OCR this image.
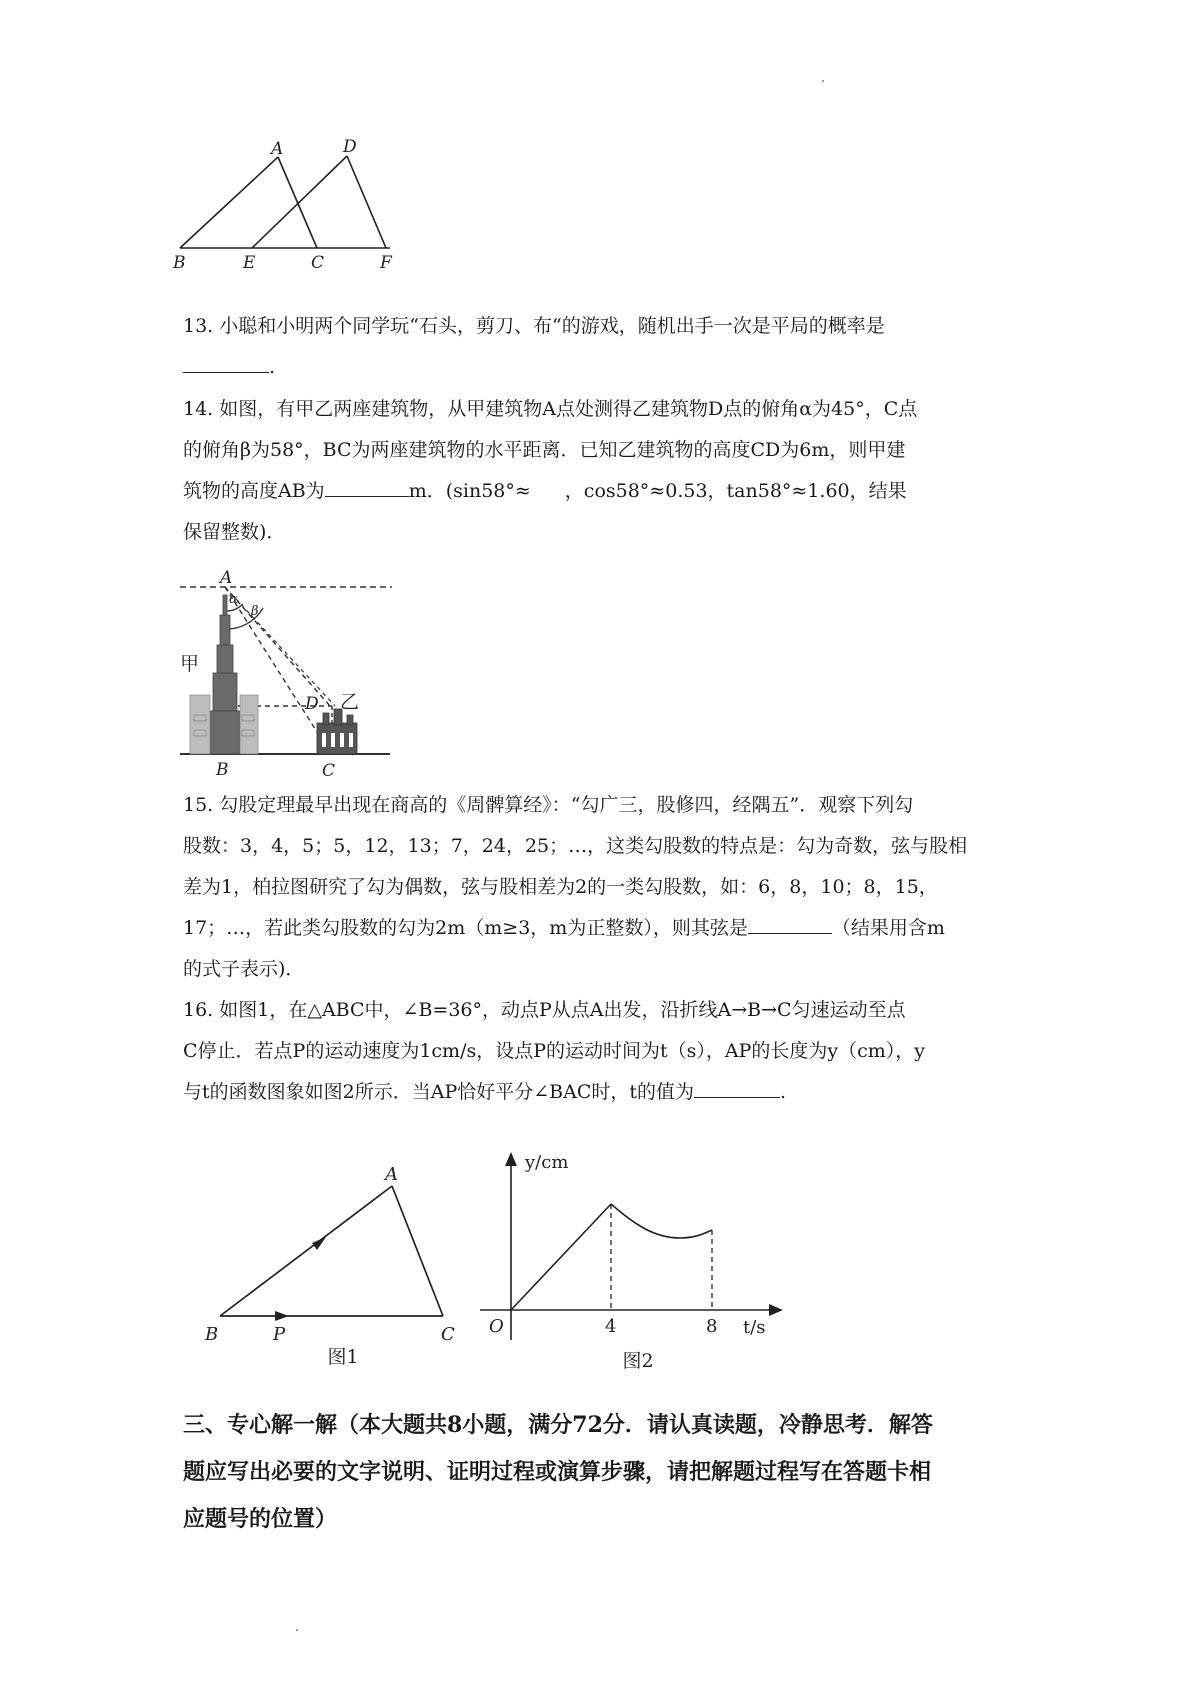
A	D
B	E	C	F
13. 小聪和小明两个同学玩“石头，剪刀、布“的游戏，随机出手一次是平局的概率是
.
14. 如图，有甲乙两座建筑物，从甲建筑物A点处测得乙建筑物D点的俯角α为45°，C点
的俯角β为58°，BC为两座建筑物的水平距离．已知乙建筑物的高度CD为6m，则甲建
筑物的高度AB为	m．(sin58°≈ ，cos58°≈0.53，tan58°≈1.60，结果
保留整数)．
A
α
β
甲
D 乙
B	C
15. 勾股定理最早出现在商高的《周髀算经》：“勾广三，股修四，经隅五”．观察下列勾
股数：3，4，5；5，12，13；7，24，25；…，这类勾股数的特点是：勾为奇数，弦与股相
差为1，柏拉图研究了勾为偶数，弦与股相差为2的一类勾股数，如：6，8，10；8，15，
17；…，若此类勾股数的勾为2m（m≥3，m为正整数），则其弦是	（结果用含m
的式子表示)．
16. 如图1，在△ABC中，∠B=36°，动点P从点A出发，沿折线A→B→C匀速运动至点
C停止．若点P的运动速度为1cm/s，设点P的运动时间为t（s），AP的长度为y（cm），y
与t的函数图象如图2所示．当AP恰好平分∠BAC时，t的值为	.
A
B	P	C
图1
y/cm
t/s
O	4	8
图2
三、专心解一解（本大题共8小题，满分72分．请认真读题，冷静思考．解答
题应写出必要的文字说明、证明过程或演算步骤，请把解题过程写在答题卡相
应题号的位置）
